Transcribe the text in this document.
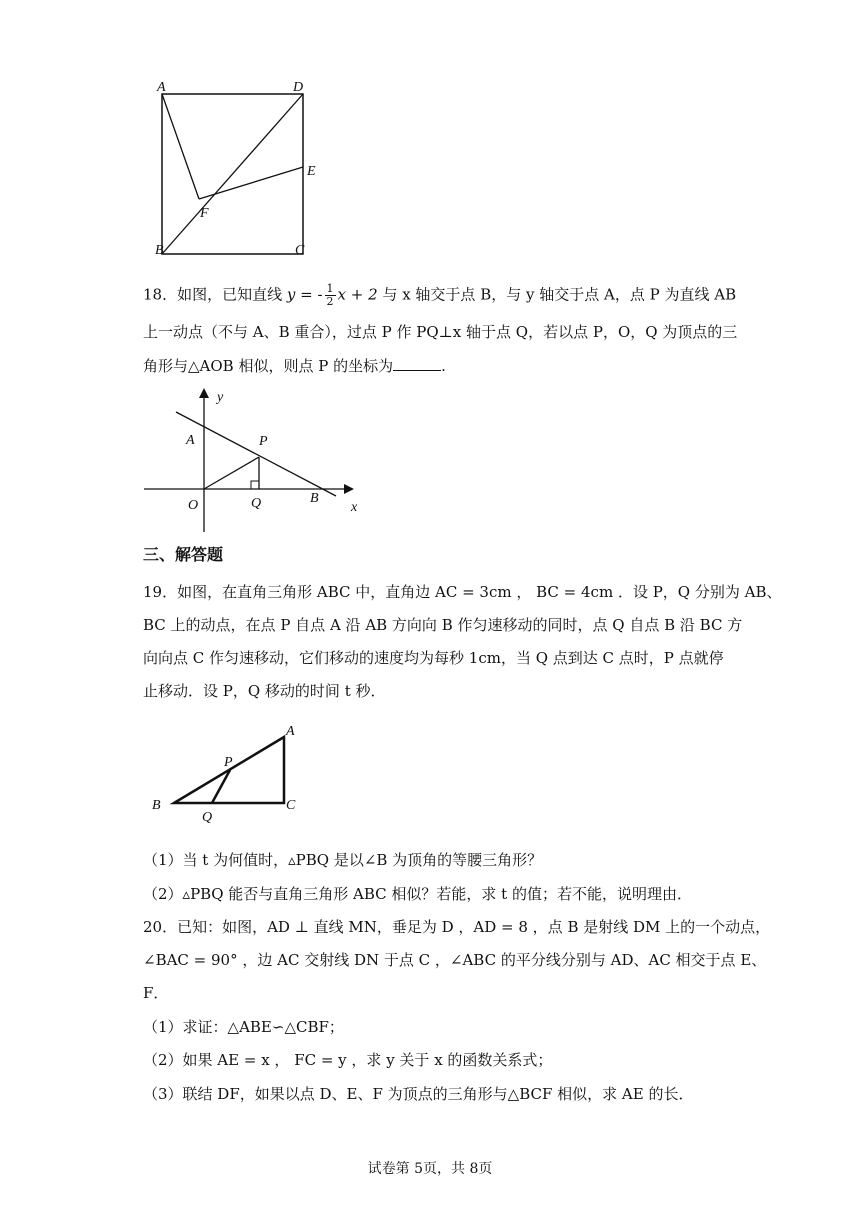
A	D
E
F
B	C
18．如图，已知直线 y = - $\frac{1}{2}$ x + 2 与 x 轴交于点 B，与 y 轴交于点 A，点 P 为直线 AB
上一动点（不与 A、B 重合），过点 P 作 PQ⊥x 轴于点 Q，若以点 P，O，Q 为顶点的三
角形与△AOB 相似，则点 P 的坐标为	.
y
A	P
O	Q	B
x
三、解答题
19．如图，在直角三角形 ABC 中，直角边 AC = 3cm ， BC = 4cm ．设 P，Q 分别为 AB、
BC 上的动点，在点 P 自点 A 沿 AB 方向向 B 作匀速移动的同时，点 Q 自点 B 沿 BC 方
向向点 C 作匀速移动，它们移动的速度均为每秒 1cm，当 Q 点到达 C 点时，P 点就停
止移动．设 P，Q 移动的时间 t 秒．
A
P
B	C
Q
（1）当 t 为何值时，▵PBQ 是以∠B 为顶角的等腰三角形？
（2）▵PBQ 能否与直角三角形 ABC 相似？若能，求 t 的值；若不能，说明理由．
20．已知：如图，AD ⊥ 直线 MN，垂足为 D ，AD = 8 ，点 B 是射线 DM 上的一个动点，
∠BAC = 90° ，边 AC 交射线 DN 于点 C ，∠ABC 的平分线分别与 AD、AC 相交于点 E、
F．
（1）求证：△ABE∽△CBF；
（2）如果 AE = x ， FC = y ，求 y 关于 x 的函数关系式；
（3）联结 DF，如果以点 D、E、F 为顶点的三角形与△BCF 相似，求 AE 的长．
试卷第 5页，共 8页
